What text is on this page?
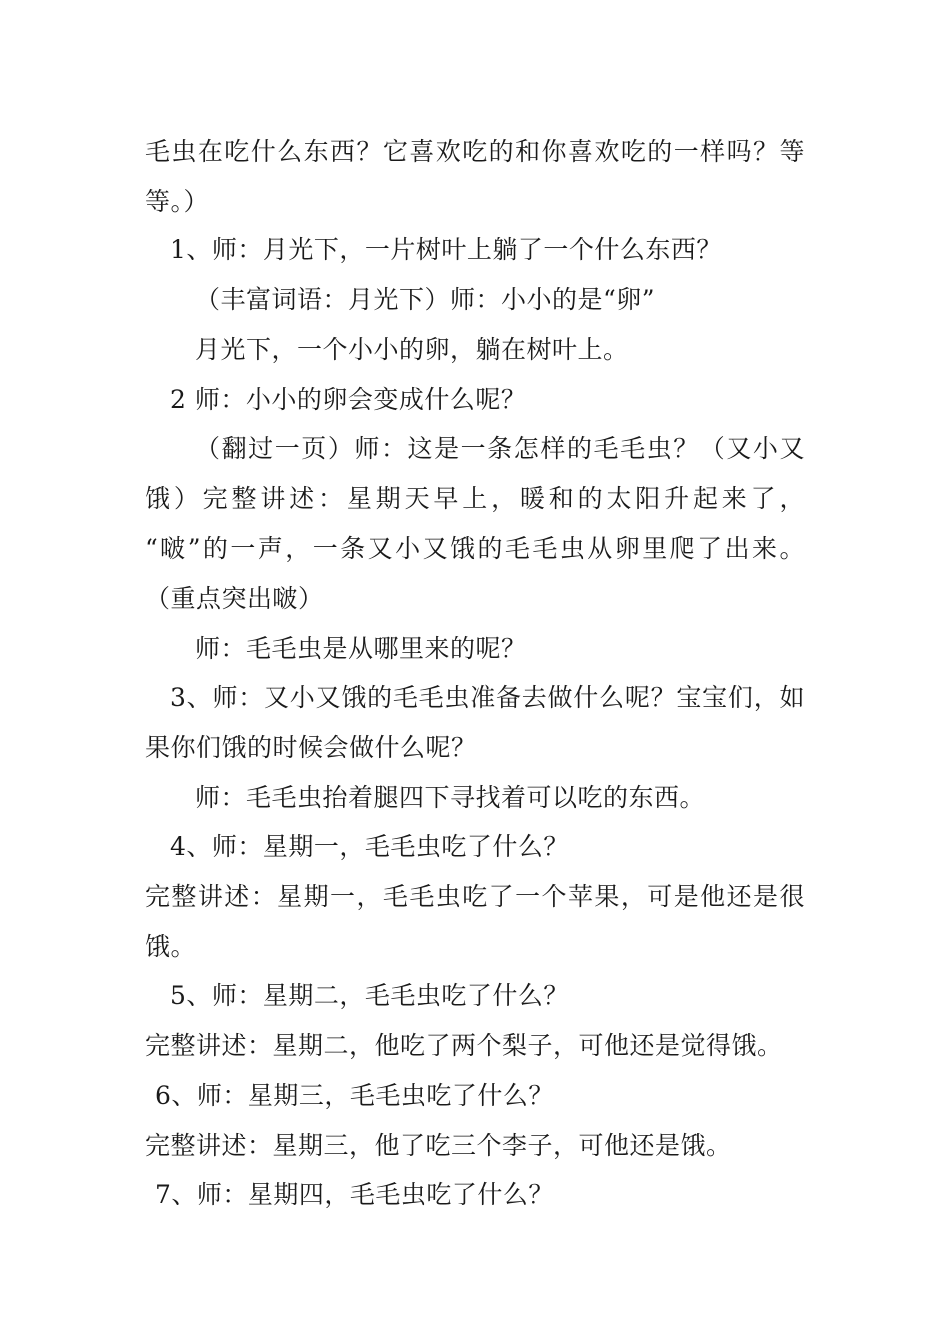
毛虫在吃什么东西？它喜欢吃的和你喜欢吃的一样吗？等
等。）
1、师：月光下，一片树叶上躺了一个什么东西？
（丰富词语：月光下）师：小小的是“卵”
月光下，一个小小的卵，躺在树叶上。
2 师：小小的卵会变成什么呢？
（翻过一页）师：这是一条怎样的毛毛虫？（又小又
饿）完整讲述：星期天早上，暖和的太阳升起来了，
“啵”的一声，一条又小又饿的毛毛虫从卵里爬了出来。
（重点突出啵）
师：毛毛虫是从哪里来的呢？
3、师：又小又饿的毛毛虫准备去做什么呢？宝宝们，如
果你们饿的时候会做什么呢？
师：毛毛虫抬着腿四下寻找着可以吃的东西。
4、师：星期一，毛毛虫吃了什么？
完整讲述：星期一，毛毛虫吃了一个苹果，可是他还是很
饿。
5、师：星期二，毛毛虫吃了什么？
完整讲述：星期二，他吃了两个梨子，可他还是觉得饿。
6、师：星期三，毛毛虫吃了什么？
完整讲述：星期三，他了吃三个李子，可他还是饿。
7、师：星期四，毛毛虫吃了什么？
